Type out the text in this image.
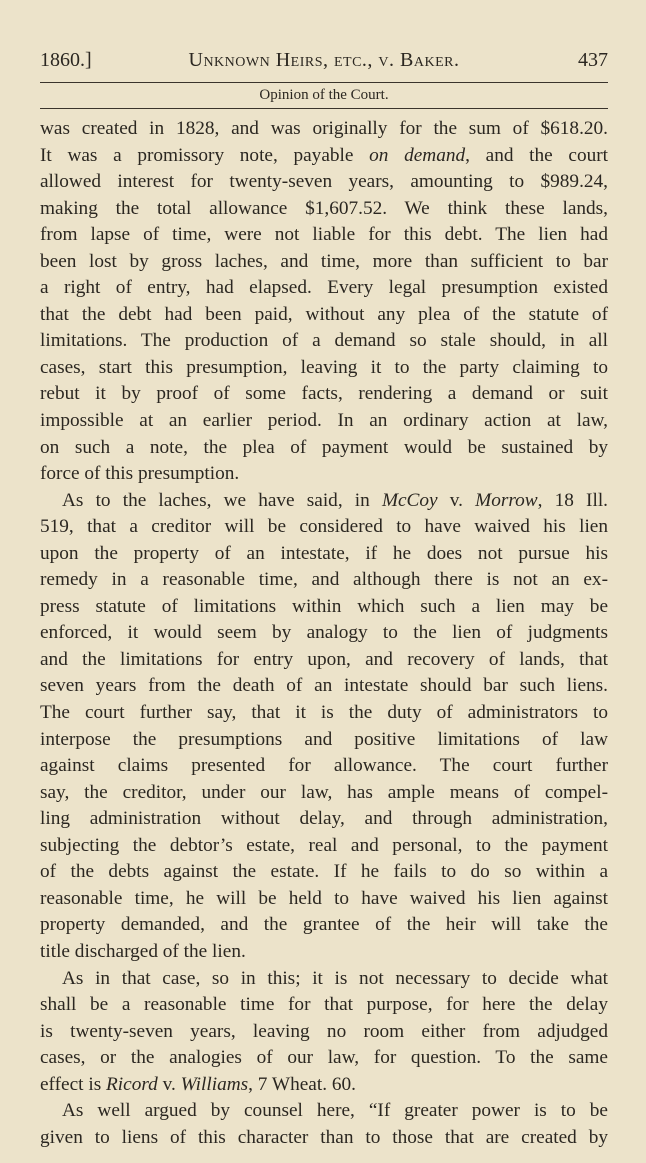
1860.]	Unknown Heirs, etc., v. Baker.	437
Opinion of the Court.
was created in 1828, and was originally for the sum of $618.20.
It was a promissory note, payable on demand, and the court
allowed interest for twenty-seven years, amounting to $989.24,
making the total allowance $1,607.52. We think these lands,
from lapse of time, were not liable for this debt. The lien had
been lost by gross laches, and time, more than sufficient to bar
a right of entry, had elapsed. Every legal presumption existed
that the debt had been paid, without any plea of the statute of
limitations. The production of a demand so stale should, in all
cases, start this presumption, leaving it to the party claiming to
rebut it by proof of some facts, rendering a demand or suit
impossible at an earlier period. In an ordinary action at law,
on such a note, the plea of payment would be sustained by
force of this presumption.
As to the laches, we have said, in McCoy v. Morrow, 18 Ill.
519, that a creditor will be considered to have waived his lien
upon the property of an intestate, if he does not pursue his
remedy in a reasonable time, and although there is not an ex-
press statute of limitations within which such a lien may be
enforced, it would seem by analogy to the lien of judgments
and the limitations for entry upon, and recovery of lands, that
seven years from the death of an intestate should bar such liens.
The court further say, that it is the duty of administrators to
interpose the presumptions and positive limitations of law
against claims presented for allowance. The court further
say, the creditor, under our law, has ample means of compel-
ling administration without delay, and through administration,
subjecting the debtor’s estate, real and personal, to the payment
of the debts against the estate. If he fails to do so within a
reasonable time, he will be held to have waived his lien against
property demanded, and the grantee of the heir will take the
title discharged of the lien.
As in that case, so in this; it is not necessary to decide what
shall be a reasonable time for that purpose, for here the delay
is twenty-seven years, leaving no room either from adjudged
cases, or the analogies of our law, for question. To the same
effect is Ricord v. Williams, 7 Wheat. 60.
As well argued by counsel here, “If greater power is to be
given to liens of this character than to those that are created by
